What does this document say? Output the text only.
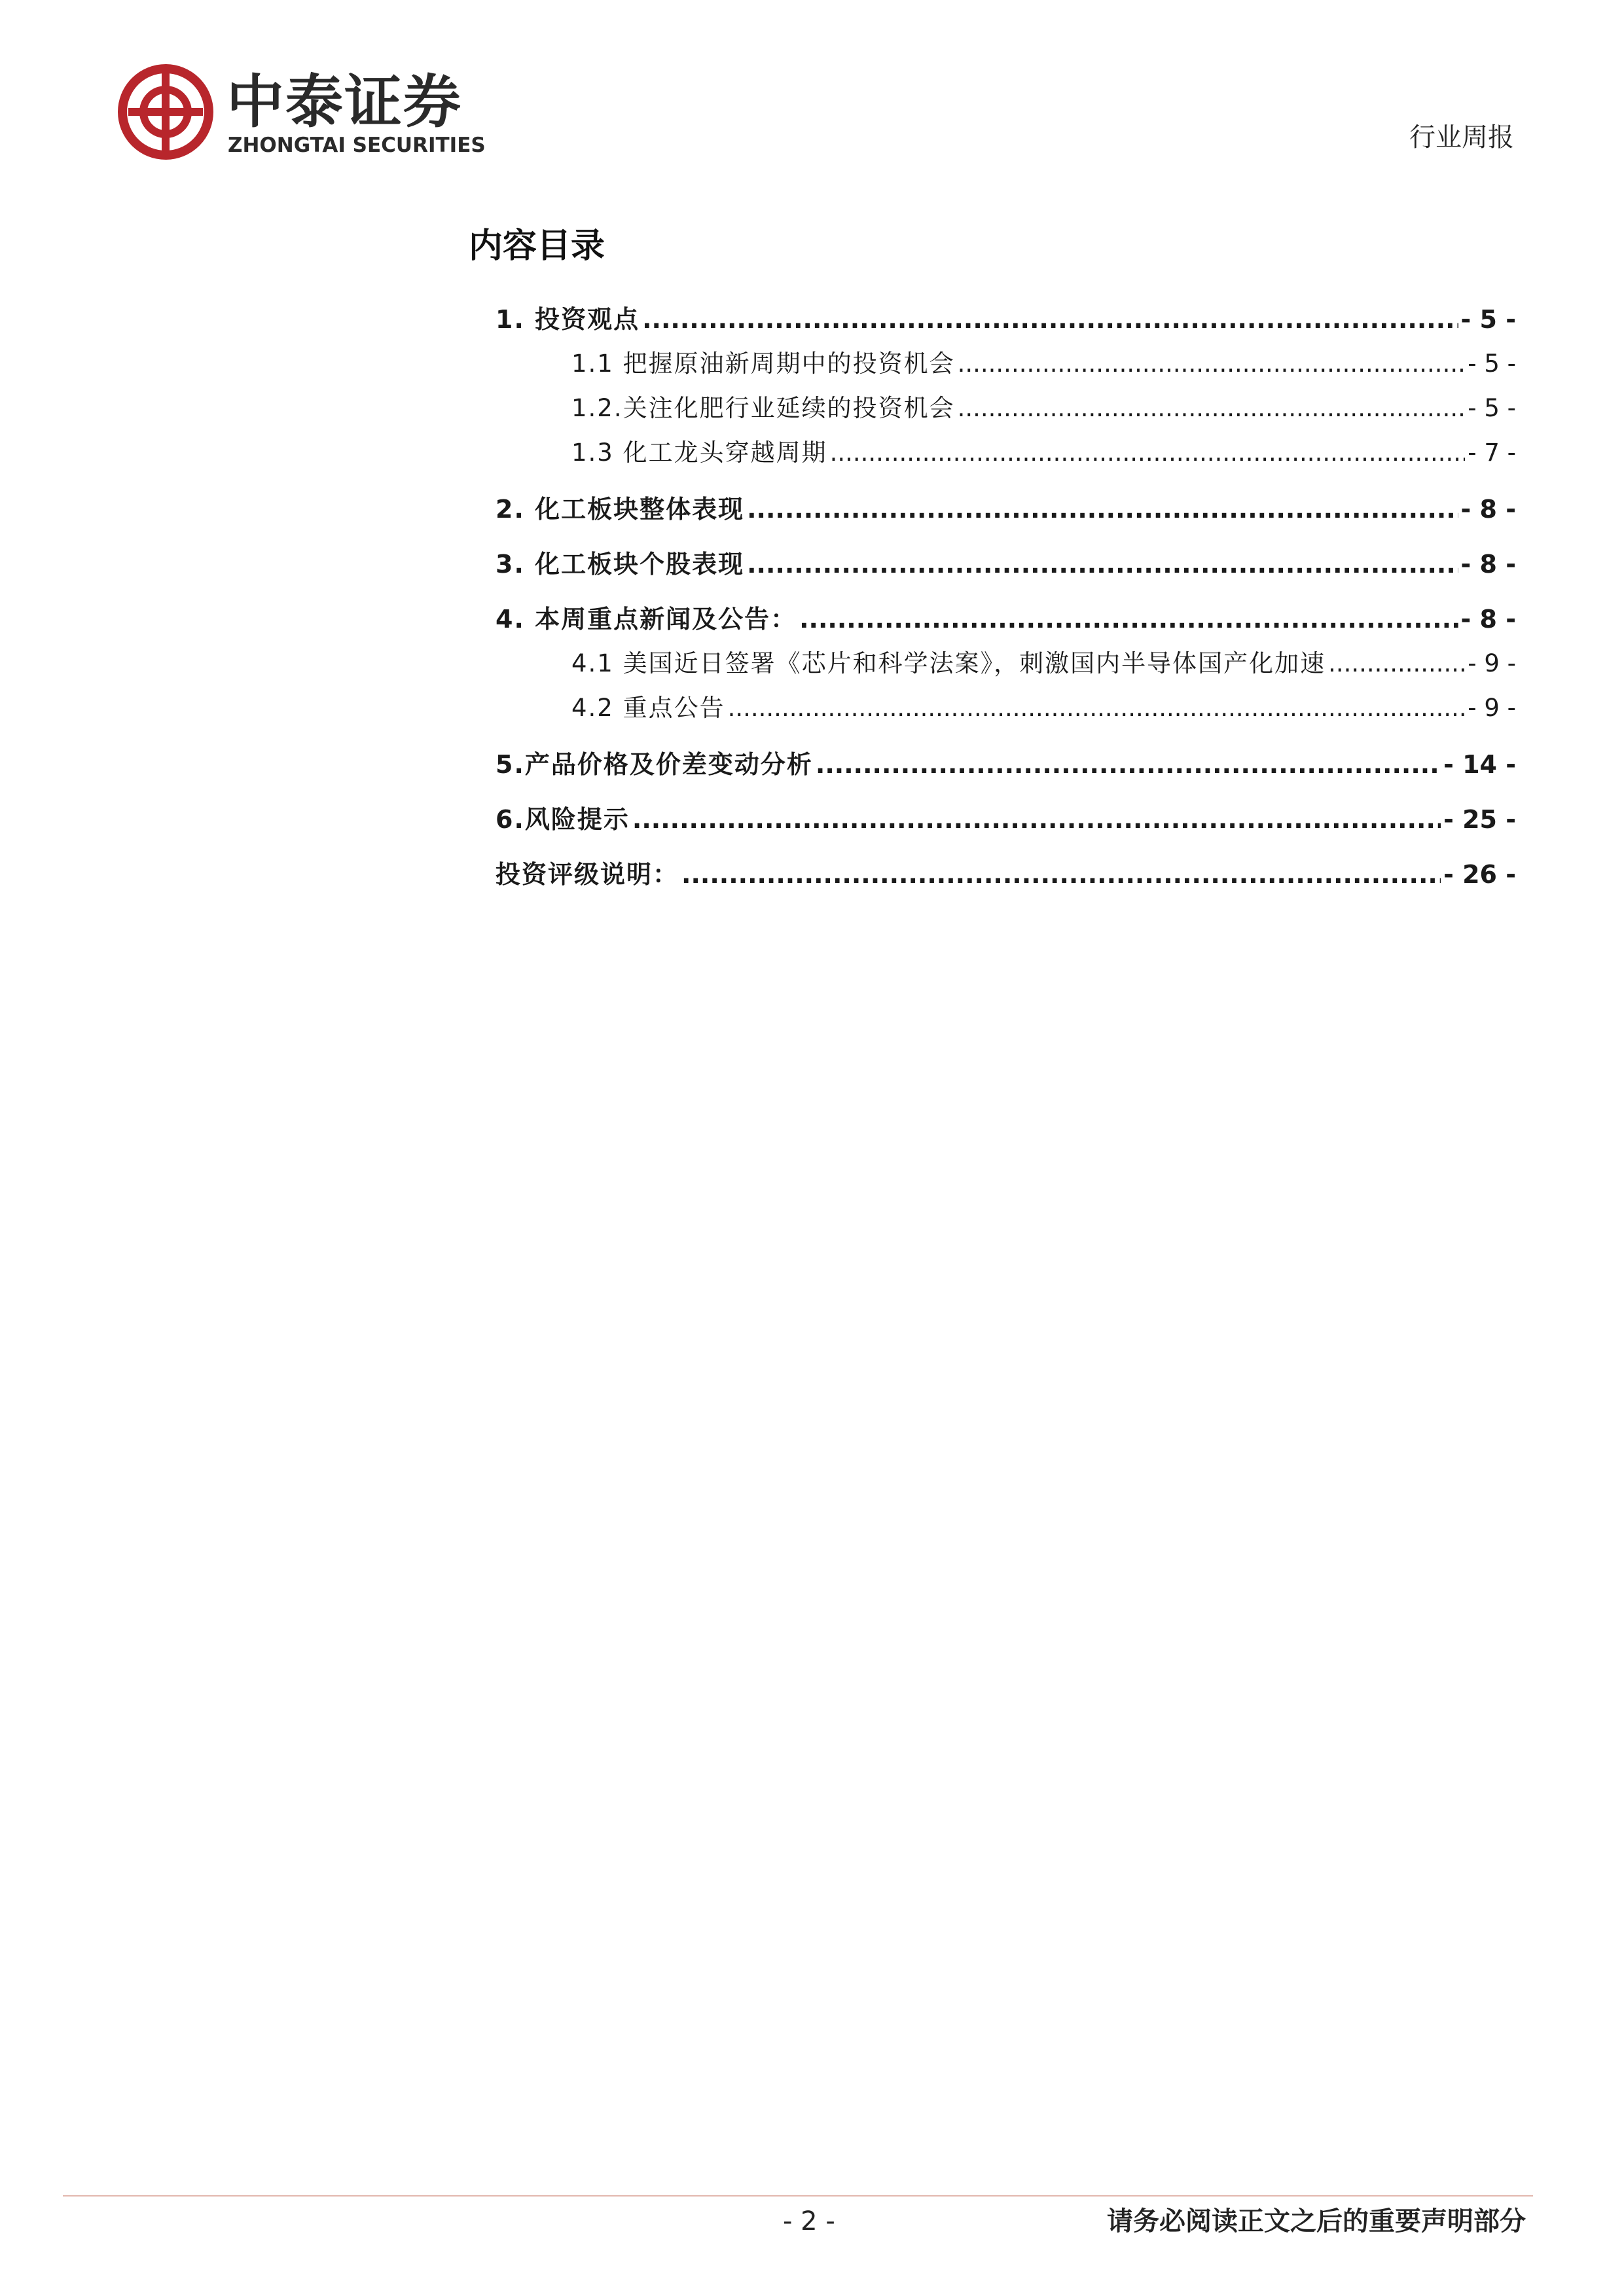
中泰证券
ZHONGTAI SECURITIES	行业周报
内容目录
1. 投资观点 .....	- 5 -
1.1 把握原油新周期中的投资机会 .....	- 5 -
1.2.关注化肥行业延续的投资机会 .....	- 5 -
1.3 化工龙头穿越周期 .....	- 7 -
2. 化工板块整体表现 .....	- 8 -
3. 化工板块个股表现 .....	- 8 -
4. 本周重点新闻及公告： .....	- 8 -
4.1 美国近日签署《芯片和科学法案》，刺激国内半导体国产化加速 .....	- 9 -
4.2 重点公告 .....	- 9 -
5.产品价格及价差变动分析 .....	- 14 -
6.风险提示 .....	- 25 -
投资评级说明： .....	- 26 -
- 2 -	请务必阅读正文之后的重要声明部分
